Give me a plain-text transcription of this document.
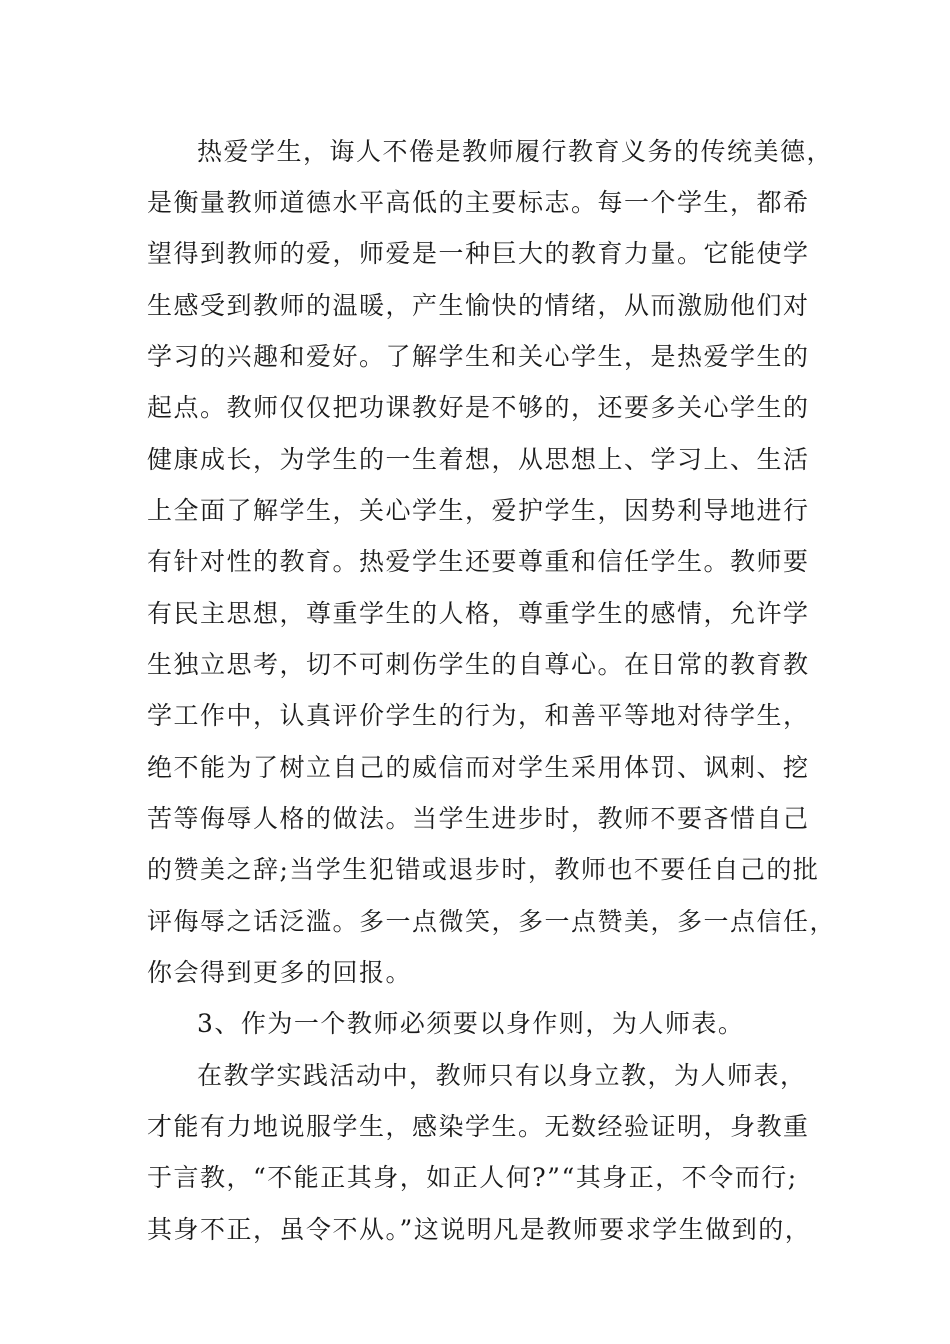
热爱学生，诲人不倦是教师履行教育义务的传统美德，
是衡量教师道德水平高低的主要标志。每一个学生，都希
望得到教师的爱，师爱是一种巨大的教育力量。它能使学
生感受到教师的温暖，产生愉快的情绪，从而激励他们对
学习的兴趣和爱好。了解学生和关心学生，是热爱学生的
起点。教师仅仅把功课教好是不够的，还要多关心学生的
健康成长，为学生的一生着想，从思想上、学习上、生活
上全面了解学生，关心学生，爱护学生，因势利导地进行
有针对性的教育。热爱学生还要尊重和信任学生。教师要
有民主思想，尊重学生的人格，尊重学生的感情，允许学
生独立思考，切不可刺伤学生的自尊心。在日常的教育教
学工作中，认真评价学生的行为，和善平等地对待学生，
绝不能为了树立自己的威信而对学生采用体罚、讽刺、挖
苦等侮辱人格的做法。当学生进步时，教师不要吝惜自己
的赞美之辞;当学生犯错或退步时，教师也不要任自己的批
评侮辱之话泛滥。多一点微笑，多一点赞美，多一点信任，
你会得到更多的回报。
3、作为一个教师必须要以身作则，为人师表。
在教学实践活动中，教师只有以身立教，为人师表，
才能有力地说服学生，感染学生。无数经验证明，身教重
于言教，“不能正其身，如正人何?”“其身正，不令而行;
其身不正，虽令不从。”这说明凡是教师要求学生做到的，
